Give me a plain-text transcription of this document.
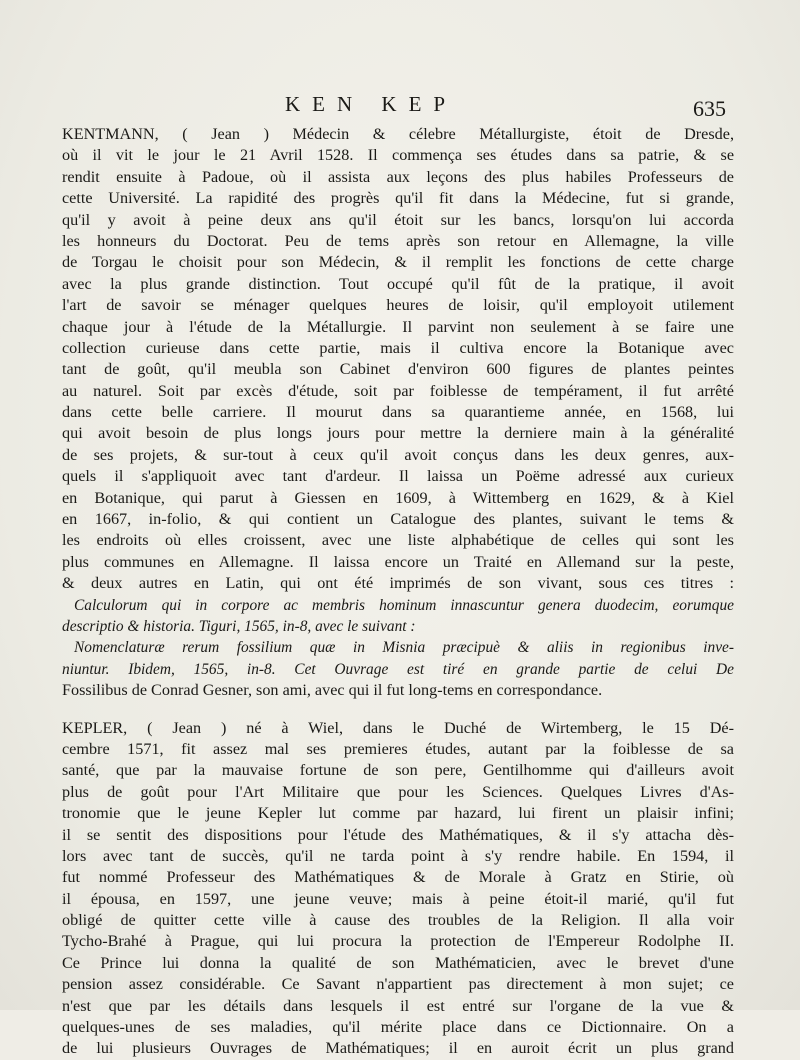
KEN KEP	635
KENTMANN, ( Jean ) Médecin & célebre Métallurgiste, étoit de Dresde,
où il vit le jour le 21 Avril 1528. Il commença ses études dans sa patrie, & se
rendit ensuite à Padoue, où il assista aux leçons des plus habiles Professeurs de
cette Université. La rapidité des progrès qu'il fit dans la Médecine, fut si grande,
qu'il y avoit à peine deux ans qu'il étoit sur les bancs, lorsqu'on lui accorda
les honneurs du Doctorat. Peu de tems après son retour en Allemagne, la ville
de Torgau le choisit pour son Médecin, & il remplit les fonctions de cette charge
avec la plus grande distinction. Tout occupé qu'il fût de la pratique, il avoit
l'art de savoir se ménager quelques heures de loisir, qu'il employoit utilement
chaque jour à l'étude de la Métallurgie. Il parvint non seulement à se faire une
collection curieuse dans cette partie, mais il cultiva encore la Botanique avec
tant de goût, qu'il meubla son Cabinet d'environ 600 figures de plantes peintes
au naturel. Soit par excès d'étude, soit par foiblesse de tempérament, il fut arrêté
dans cette belle carriere. Il mourut dans sa quarantieme année, en 1568, lui
qui avoit besoin de plus longs jours pour mettre la derniere main à la généralité
de ses projets, & sur-tout à ceux qu'il avoit conçus dans les deux genres, aux-
quels il s'appliquoit avec tant d'ardeur. Il laissa un Poëme adressé aux curieux
en Botanique, qui parut à Giessen en 1609, à Wittemberg en 1629, & à Kiel
en 1667, in-folio, & qui contient un Catalogue des plantes, suivant le tems &
les endroits où elles croissent, avec une liste alphabétique de celles qui sont les
plus communes en Allemagne. Il laissa encore un Traité en Allemand sur la peste,
& deux autres en Latin, qui ont été imprimés de son vivant, sous ces titres :
Calculorum qui in corpore ac membris hominum innascuntur genera duodecim, eorumque
descriptio & historia. Tiguri, 1565, in-8, avec le suivant :
Nomenclaturæ rerum fossilium quæ in Misnia præcipuè & aliis in regionibus inve-
niuntur. Ibidem, 1565, in-8. Cet Ouvrage est tiré en grande partie de celui De
Fossilibus de Conrad Gesner, son ami, avec qui il fut long-tems en correspondance.
KEPLER, ( Jean ) né à Wiel, dans le Duché de Wirtemberg, le 15 Dé-
cembre 1571, fit assez mal ses premieres études, autant par la foiblesse de sa
santé, que par la mauvaise fortune de son pere, Gentilhomme qui d'ailleurs avoit
plus de goût pour l'Art Militaire que pour les Sciences. Quelques Livres d'As-
tronomie que le jeune Kepler lut comme par hazard, lui firent un plaisir infini;
il se sentit des dispositions pour l'étude des Mathématiques, & il s'y attacha dès-
lors avec tant de succès, qu'il ne tarda point à s'y rendre habile. En 1594, il
fut nommé Professeur des Mathématiques & de Morale à Gratz en Stirie, où
il épousa, en 1597, une jeune veuve; mais à peine étoit-il marié, qu'il fut
obligé de quitter cette ville à cause des troubles de la Religion. Il alla voir
Tycho-Brahé à Prague, qui lui procura la protection de l'Empereur Rodolphe II.
Ce Prince lui donna la qualité de son Mathématicien, avec le brevet d'une
pension assez considérable. Ce Savant n'appartient pas directement à mon sujet; ce
n'est que par les détails dans lesquels il est entré sur l'organe de la vue &
quelques-unes de ses maladies, qu'il mérite place dans ce Dictionnaire. On a
de lui plusieurs Ouvrages de Mathématiques; il en auroit écrit un plus grand
